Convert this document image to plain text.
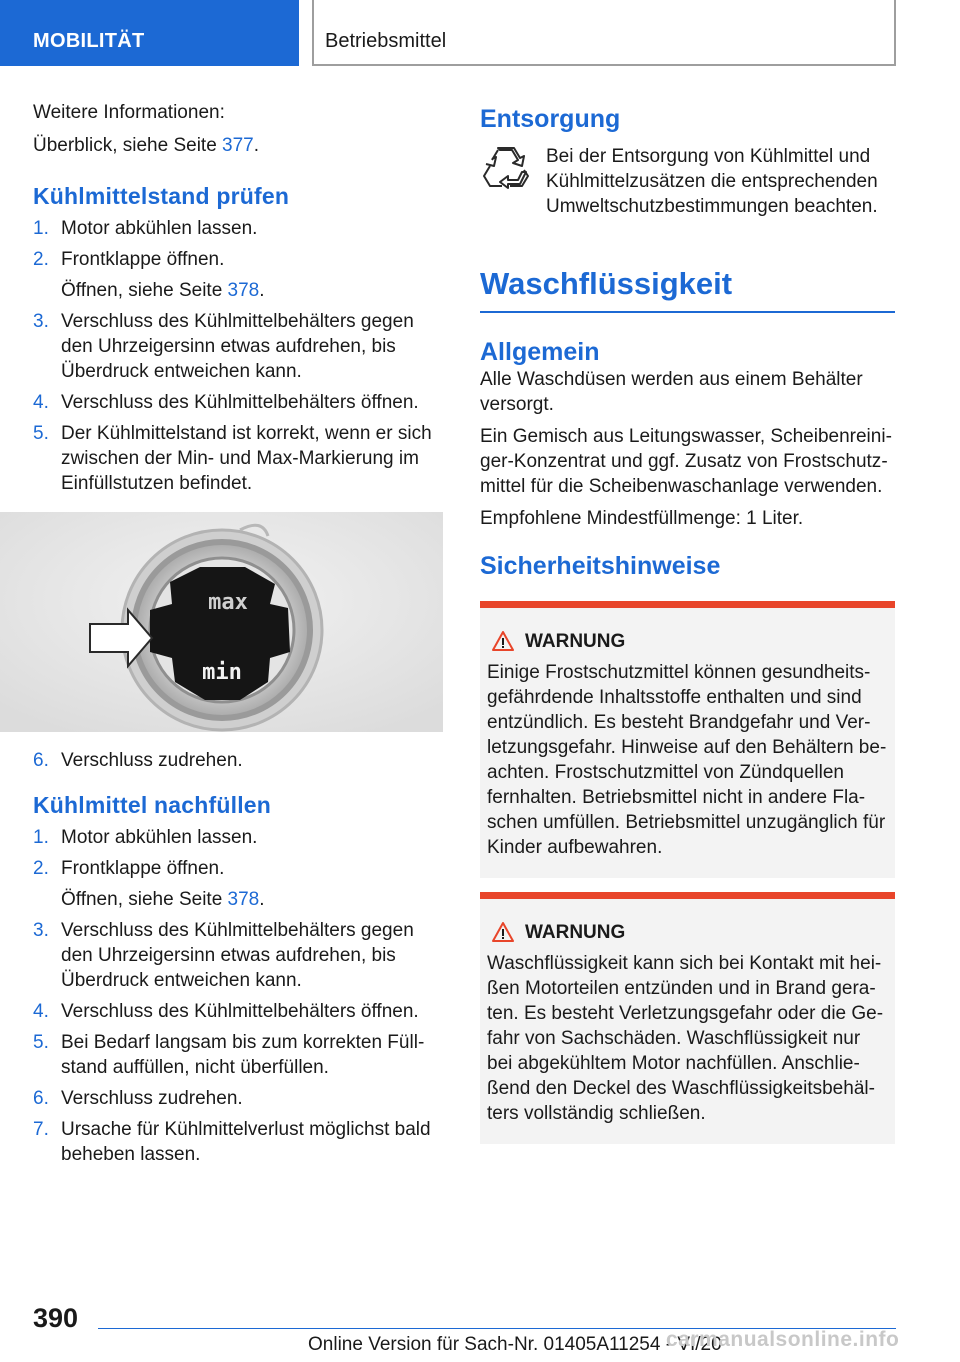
MOBILITÄT	Betriebsmittel

Weitere Informationen:

Überblick, siehe Seite 377.

Kühlmittelstand prüfen
1. Motor abkühlen lassen.
2. Frontklappe öffnen.
Öffnen, siehe Seite 378.
3. Verschluss des Kühlmittelbehälters gegen den Uhrzeigersinn etwas aufdrehen, bis Überdruck entweichen kann.
4. Verschluss des Kühlmittelbehälters öffnen.
5. Der Kühlmittelstand ist korrekt, wenn er sich zwischen der Min- und Max-Markierung im Einfüllstutzen befindet.
max
min
6. Verschluss zudrehen.
Kühlmittel nachfüllen
1. Motor abkühlen lassen.
2. Frontklappe öffnen.
Öffnen, siehe Seite 378.
3. Verschluss des Kühlmittelbehälters gegen den Uhrzeigersinn etwas aufdrehen, bis Überdruck entweichen kann.
4. Verschluss des Kühlmittelbehälters öffnen.
5. Bei Bedarf langsam bis zum korrekten Füllstand auffüllen, nicht überfüllen.
6. Verschluss zudrehen.
7. Ursache für Kühlmittelverlust möglichst bald beheben lassen.
Entsorgung

Bei der Entsorgung von Kühlmittel und Kühlmittelzusätzen die entsprechenden Umweltschutzbestimmungen beachten.

Waschflüssigkeit
Allgemein

Alle Waschdüsen werden aus einem Behälter versorgt.

Ein Gemisch aus Leitungswasser, Scheibenreiniger-Konzentrat und ggf. Zusatz von Frostschutzmittel für die Scheibenwaschanlage verwenden.

Empfohlene Mindestfüllmenge: 1 Liter.

Sicherheitshinweise
WARNUNG

Einige Frostschutzmittel können gesundheitsgefährdende Inhaltsstoffe enthalten und sind entzündlich. Es besteht Brandgefahr und Verletzungsgefahr. Hinweise auf den Behältern beachten. Frostschutzmittel von Zündquellen fernhalten. Betriebsmittel nicht in andere Flaschen umfüllen. Betriebsmittel unzugänglich für Kinder aufbewahren.

WARNUNG

Waschflüssigkeit kann sich bei Kontakt mit heißen Motorteilen entzünden und in Brand geraten. Es besteht Verletzungsgefahr oder die Gefahr von Sachschäden. Waschflüssigkeit nur bei abgekühltem Motor nachfüllen. Anschließend den Deckel des Waschflüssigkeitsbehälters vollständig schließen.

390
Online Version für Sach-Nr. 01405A11254 - VI/20
carmanualsonline.info
